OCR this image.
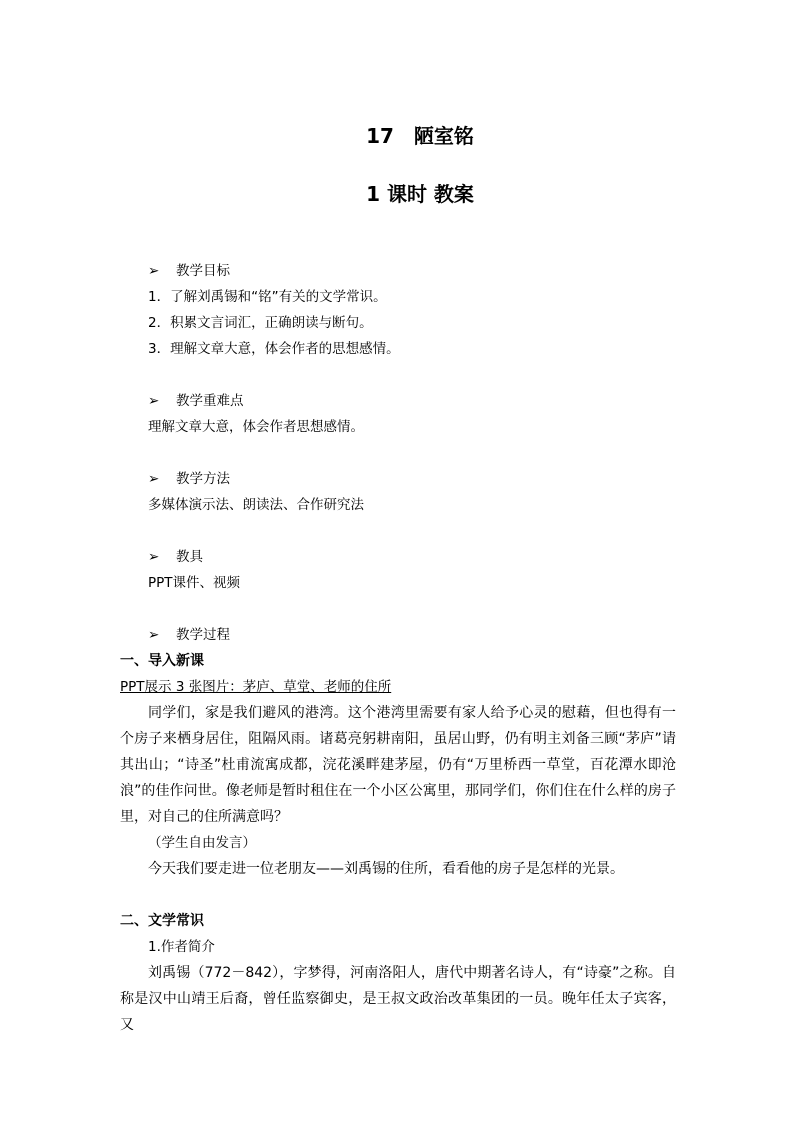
17　陋室铭
1 课时 教案
➢ 教学目标
1．了解刘禹锡和“铭”有关的文学常识。
2．积累文言词汇，正确朗读与断句。
3．理解文章大意，体会作者的思想感情。
➢ 教学重难点
理解文章大意，体会作者思想感情。
➢ 教学方法
多媒体演示法、朗读法、合作研究法
➢ 教具
PPT课件、视频
➢ 教学过程
一、导入新课
PPT展示 3 张图片：茅庐、草堂、老师的住所

同学们，家是我们避风的港湾。这个港湾里需要有家人给予心灵的慰藉，但也得有一个房子来栖身居住，阻隔风雨。诸葛亮躬耕南阳，虽居山野，仍有明主刘备三顾“茅庐”请其出山；“诗圣”杜甫流寓成都，浣花溪畔建茅屋，仍有“万里桥西一草堂，百花潭水即沧浪”的佳作问世。像老师是暂时租住在一个小区公寓里，那同学们，你们住在什么样的房子里，对自己的住所满意吗？

（学生自由发言）

今天我们要走进一位老朋友——刘禹锡的住所，看看他的房子是怎样的光景。

二、文学常识
1.作者简介

刘禹锡（772－842），字梦得，河南洛阳人，唐代中期著名诗人，有“诗豪”之称。自称是汉中山靖王后裔，曾任监察御史，是王叔文政治改革集团的一员。晚年任太子宾客，又
